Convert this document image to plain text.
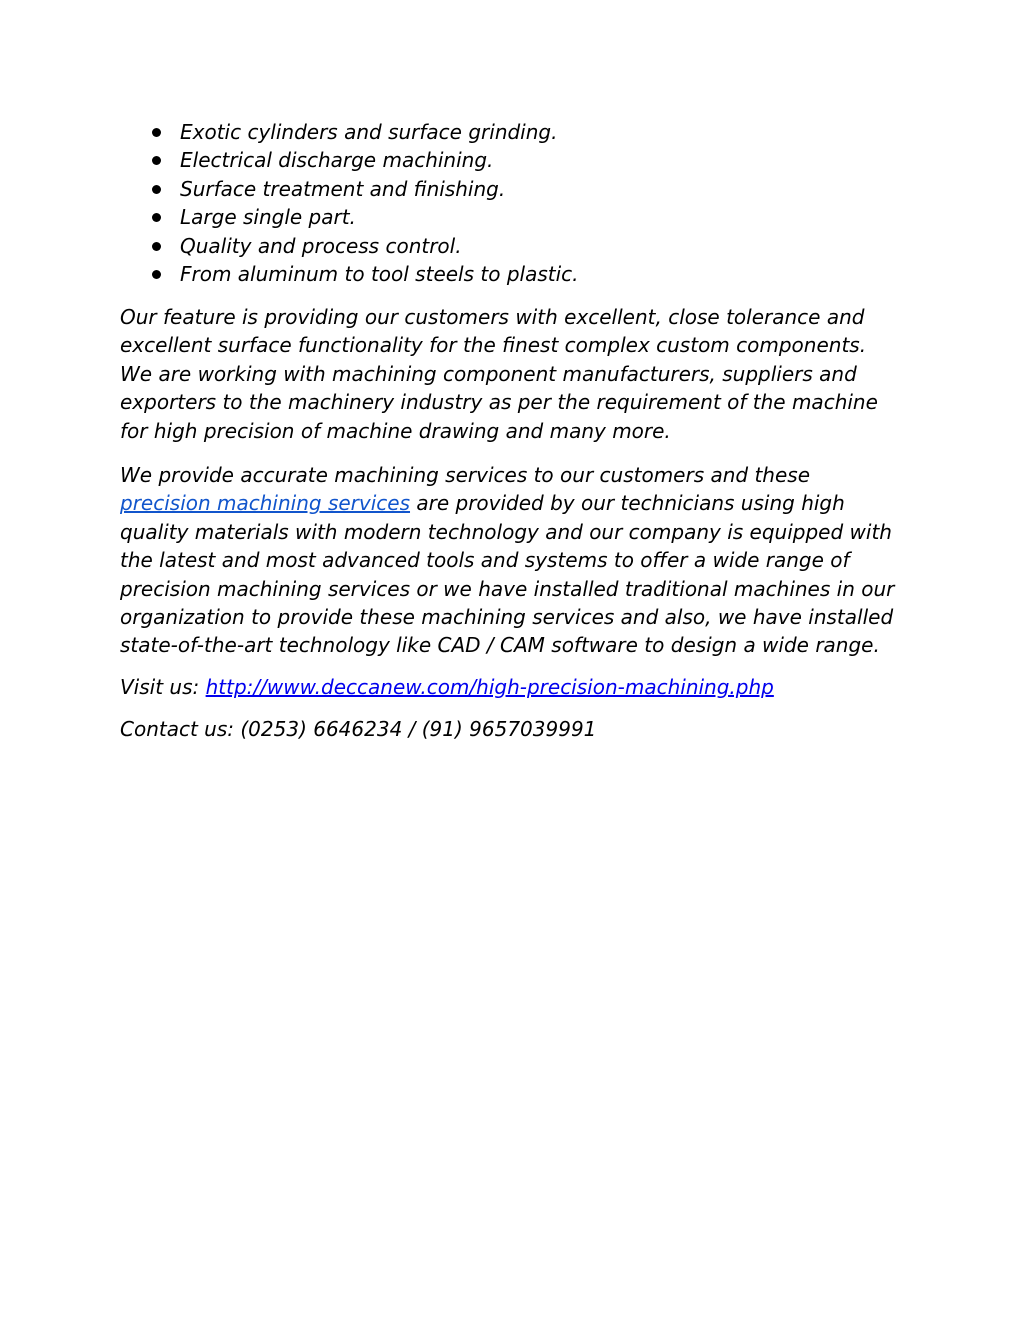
Exotic cylinders and surface grinding.
Electrical discharge machining.
Surface treatment and finishing.
Large single part.
Quality and process control.
From aluminum to tool steels to plastic.

Our feature is providing our customers with excellent, close tolerance and
excellent surface functionality for the finest complex custom components.
We are working with machining component manufacturers, suppliers and
exporters to the machinery industry as per the requirement of the machine
for high precision of machine drawing and many more.

We provide accurate machining services to our customers and these
precision machining services are provided by our technicians using high
quality materials with modern technology and our company is equipped with
the latest and most advanced tools and systems to offer a wide range of
precision machining services or we have installed traditional machines in our
organization to provide these machining services and also, we have installed
state-of-the-art technology like CAD / CAM software to design a wide range.

Visit us: http://www.deccanew.com/high-precision-machining.php

Contact us: (0253) 6646234 / (91) 9657039991
